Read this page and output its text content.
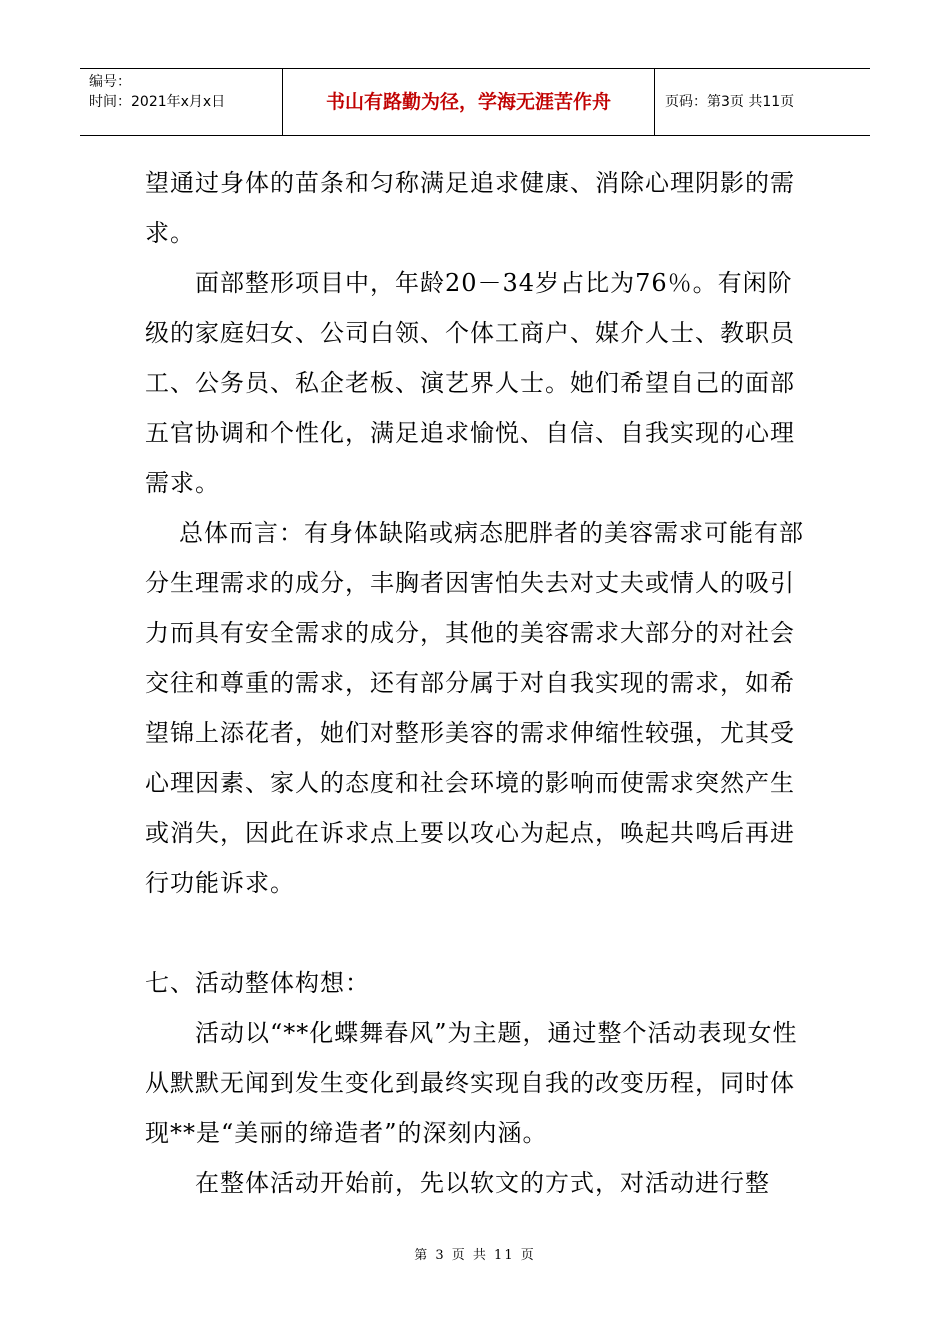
编号：
时间：2021年x月x日	书山有路勤为径，学海无涯苦作舟	页码：第3页 共11页

望通过身体的苗条和匀称满足追求健康、消除心理阴影的需求。

面部整形项目中，年龄20－34岁占比为76％。有闲阶级的家庭妇女、公司白领、个体工商户、媒介人士、教职员工、公务员、私企老板、演艺界人士。她们希望自己的面部五官协调和个性化，满足追求愉悦、自信、自我实现的心理需求。

总体而言：有身体缺陷或病态肥胖者的美容需求可能有部分生理需求的成分，丰胸者因害怕失去对丈夫或情人的吸引力而具有安全需求的成分，其他的美容需求大部分的对社会交往和尊重的需求，还有部分属于对自我实现的需求，如希望锦上添花者，她们对整形美容的需求伸缩性较强，尤其受心理因素、家人的态度和社会环境的影响而使需求突然产生或消失，因此在诉求点上要以攻心为起点，唤起共鸣后再进行功能诉求。

七、活动整体构想：

活动以“**化蝶舞春风”为主题，通过整个活动表现女性从默默无闻到发生变化到最终实现自我的改变历程，同时体现**是“美丽的缔造者”的深刻内涵。

在整体活动开始前，先以软文的方式，对活动进行整

第 3 页 共 11 页
